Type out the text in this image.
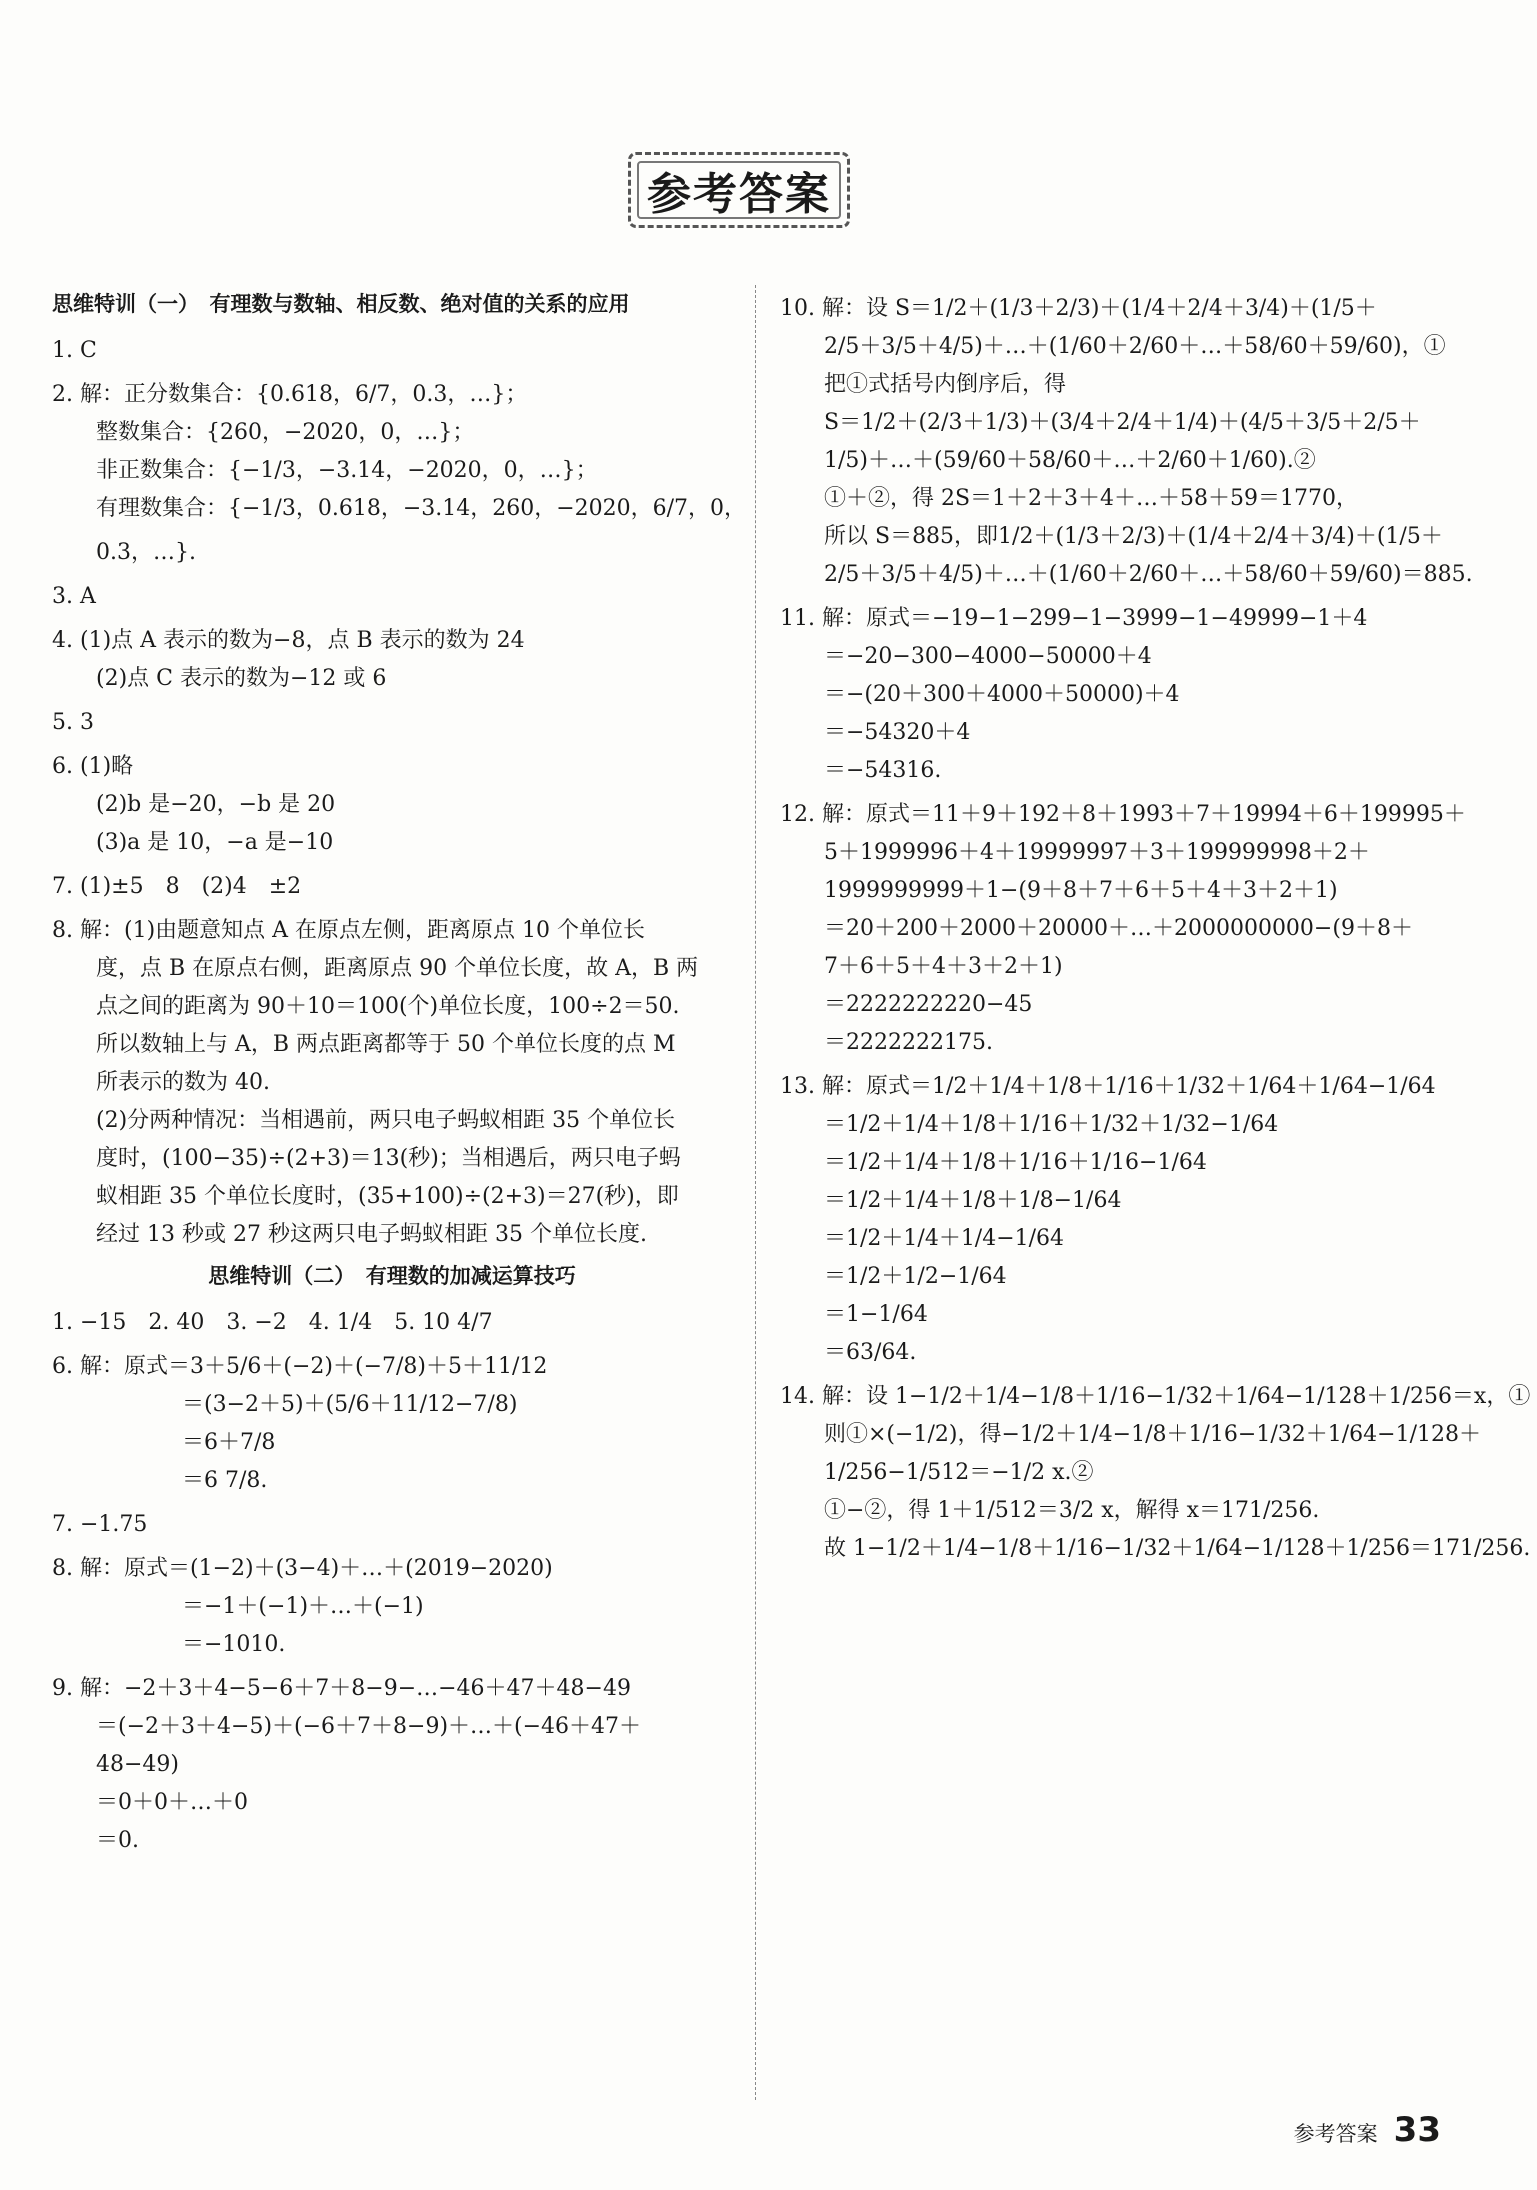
参考答案
思维特训（一）　有理数与数轴、相反数、绝对值的关系的应用
1. C
2. 解：正分数集合：{0.618，6/7，0.3，…}；
整数集合：{260，−2020，0，…}；
非正数集合：{−1/3，−3.14，−2020，0，…}；
有理数集合：{−1/3，0.618，−3.14，260，−2020，6/7，0，
0.3，…}.
3. A
4. (1)点 A 表示的数为−8，点 B 表示的数为 24
(2)点 C 表示的数为−12 或 6
5. 3
6. (1)略
(2)b 是−20，−b 是 20
(3)a 是 10，−a 是−10
7. (1)±5　8　(2)4　±2
8. 解：(1)由题意知点 A 在原点左侧，距离原点 10 个单位长
度，点 B 在原点右侧，距离原点 90 个单位长度，故 A，B 两
点之间的距离为 90＋10＝100(个)单位长度，100÷2＝50.
所以数轴上与 A，B 两点距离都等于 50 个单位长度的点 M
所表示的数为 40.
(2)分两种情况：当相遇前，两只电子蚂蚁相距 35 个单位长
度时，(100−35)÷(2+3)＝13(秒)；当相遇后，两只电子蚂
蚁相距 35 个单位长度时，(35+100)÷(2+3)＝27(秒)，即
经过 13 秒或 27 秒这两只电子蚂蚁相距 35 个单位长度.
思维特训（二）　有理数的加减运算技巧
1. −15　2. 40　3. −2　4. 1/4　5. 10 4/7
6. 解：原式＝3＋5/6＋(−2)＋(−7/8)＋5＋11/12
＝(3−2＋5)＋(5/6＋11/12−7/8)
＝6＋7/8
＝6 7/8.
7. −1.75
8. 解：原式＝(1−2)＋(3−4)＋…＋(2019−2020)
＝−1＋(−1)＋…＋(−1)
＝−1010.
9. 解：−2＋3＋4−5−6＋7＋8−9−…−46＋47＋48−49
＝(−2＋3＋4−5)＋(−6＋7＋8−9)＋…＋(−46＋47＋
48−49)
＝0＋0＋…＋0
＝0.
10. 解：设 S＝1/2＋(1/3＋2/3)＋(1/4＋2/4＋3/4)＋(1/5＋
2/5＋3/5＋4/5)＋…＋(1/60＋2/60＋…＋58/60＋59/60)，①
把①式括号内倒序后，得
S＝1/2＋(2/3＋1/3)＋(3/4＋2/4＋1/4)＋(4/5＋3/5＋2/5＋
1/5)＋…＋(59/60＋58/60＋…＋2/60＋1/60).②
①＋②，得 2S＝1＋2＋3＋4＋…＋58＋59＝1770，
所以 S＝885，即1/2＋(1/3＋2/3)＋(1/4＋2/4＋3/4)＋(1/5＋
2/5＋3/5＋4/5)＋…＋(1/60＋2/60＋…＋58/60＋59/60)＝885.
11. 解：原式＝−19−1−299−1−3999−1−49999−1＋4
＝−20−300−4000−50000＋4
＝−(20＋300＋4000＋50000)＋4
＝−54320＋4
＝−54316.
12. 解：原式＝11＋9＋192＋8＋1993＋7＋19994＋6＋199995＋
5＋1999996＋4＋19999997＋3＋199999998＋2＋
1999999999＋1−(9＋8＋7＋6＋5＋4＋3＋2＋1)
＝20＋200＋2000＋20000＋…＋2000000000−(9＋8＋
7＋6＋5＋4＋3＋2＋1)
＝2222222220−45
＝2222222175.
13. 解：原式＝1/2＋1/4＋1/8＋1/16＋1/32＋1/64＋1/64−1/64
＝1/2＋1/4＋1/8＋1/16＋1/32＋1/32−1/64
＝1/2＋1/4＋1/8＋1/16＋1/16−1/64
＝1/2＋1/4＋1/8＋1/8−1/64
＝1/2＋1/4＋1/4−1/64
＝1/2＋1/2−1/64
＝1−1/64
＝63/64.
14. 解：设 1−1/2＋1/4−1/8＋1/16−1/32＋1/64−1/128＋1/256＝x，①
则①×(−1/2)，得−1/2＋1/4−1/8＋1/16−1/32＋1/64−1/128＋
1/256−1/512＝−1/2 x.②
①−②，得 1＋1/512＝3/2 x，解得 x＝171/256.
故 1−1/2＋1/4−1/8＋1/16−1/32＋1/64−1/128＋1/256＝171/256.
参考答案 33
